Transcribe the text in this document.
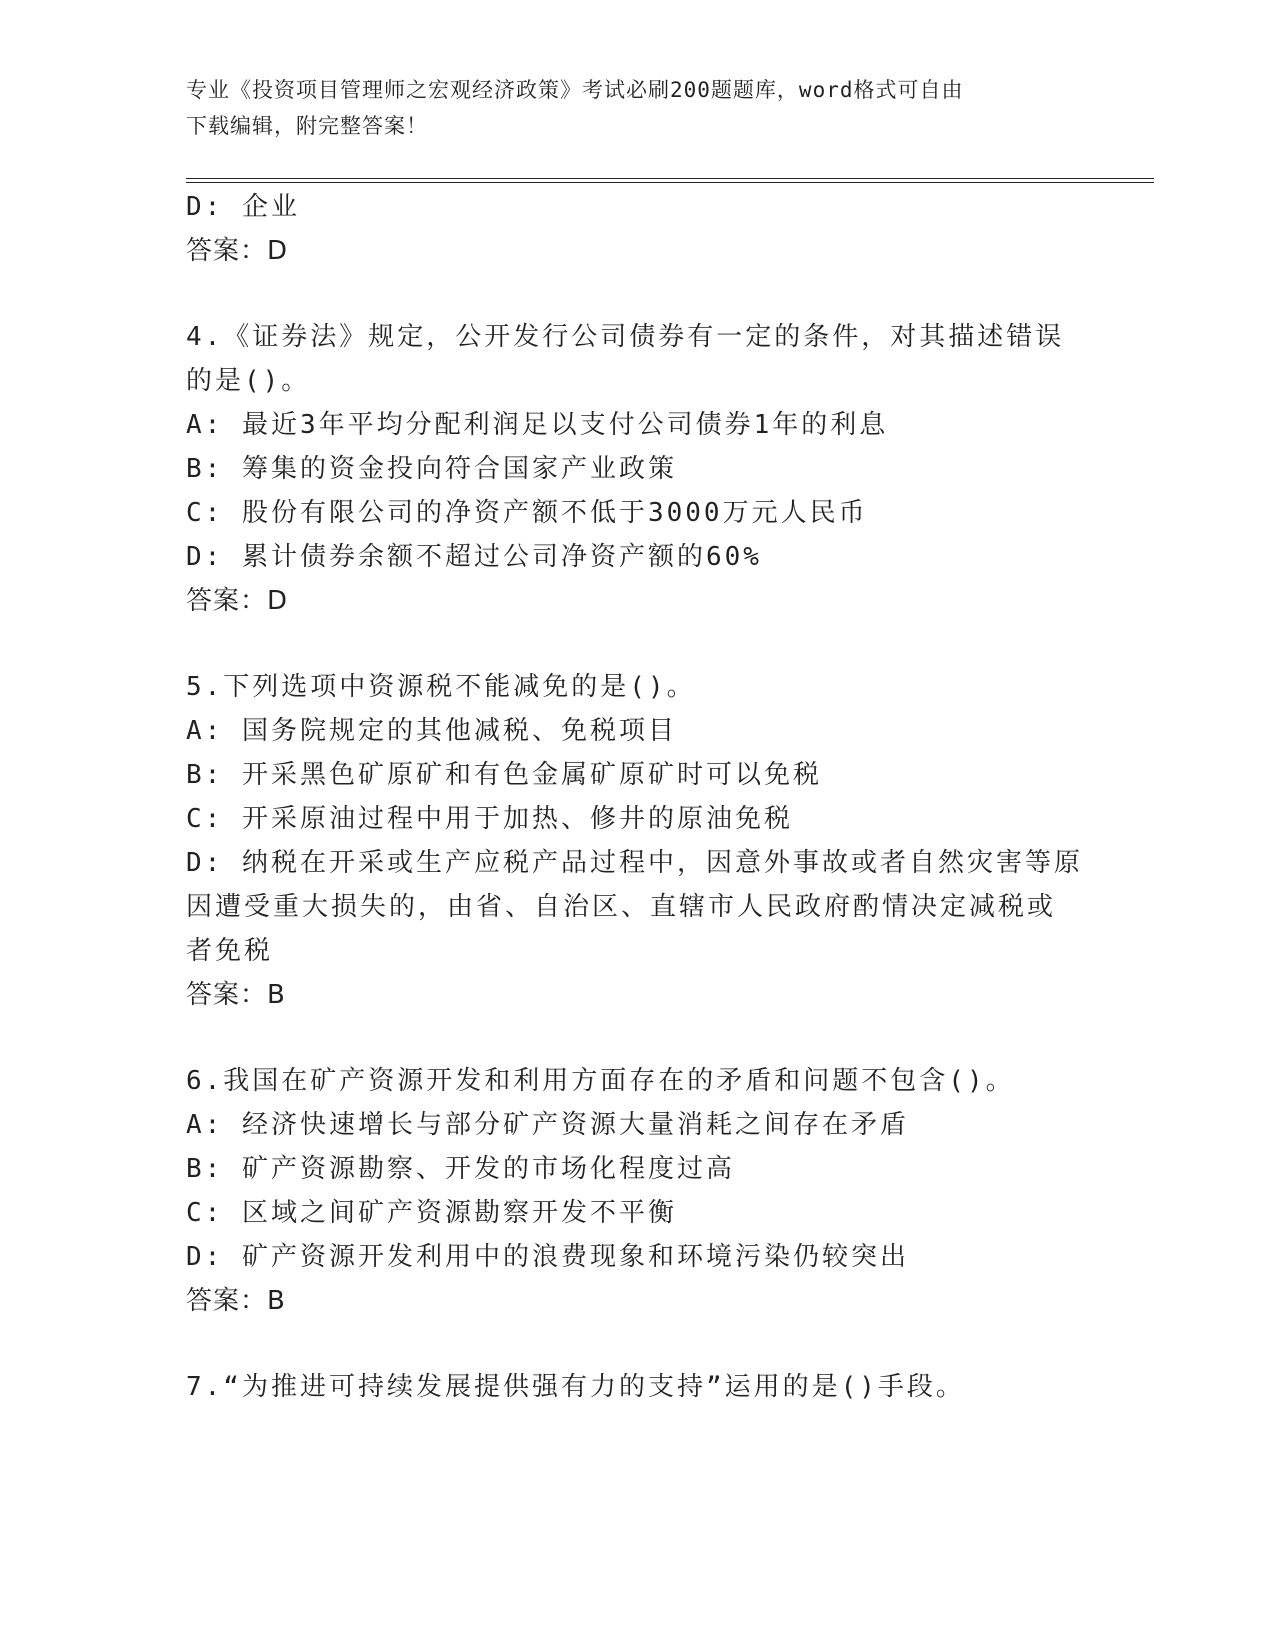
专业《投资项目管理师之宏观经济政策》考试必刷200题题库，word格式可自由
下载编辑，附完整答案！
D: 企业
答案：D
4.《证券法》规定，公开发行公司债券有一定的条件，对其描述错误
的是()。
A: 最近3年平均分配利润足以支付公司债券1年的利息
B: 筹集的资金投向符合国家产业政策
C: 股份有限公司的净资产额不低于3000万元人民币
D: 累计债券余额不超过公司净资产额的60%
答案：D
5.下列选项中资源税不能减免的是()。
A: 国务院规定的其他减税、免税项目
B: 开采黑色矿原矿和有色金属矿原矿时可以免税
C: 开采原油过程中用于加热、修井的原油免税
D: 纳税在开采或生产应税产品过程中，因意外事故或者自然灾害等原
因遭受重大损失的，由省、自治区、直辖市人民政府酌情决定减税或
者免税
答案：B
6.我国在矿产资源开发和利用方面存在的矛盾和问题不包含()。
A: 经济快速增长与部分矿产资源大量消耗之间存在矛盾
B: 矿产资源勘察、开发的市场化程度过高
C: 区域之间矿产资源勘察开发不平衡
D: 矿产资源开发利用中的浪费现象和环境污染仍较突出
答案：B
7.“为推进可持续发展提供强有力的支持”运用的是()手段。
